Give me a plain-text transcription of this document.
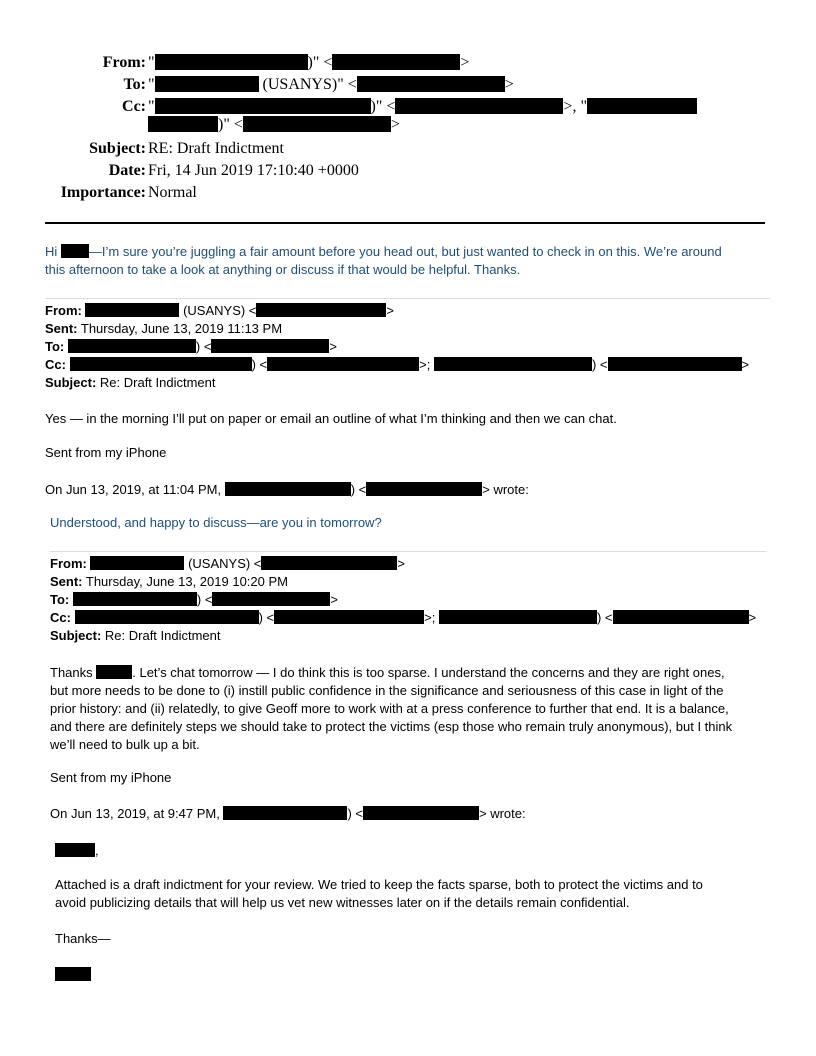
From: "	)" <	>
To: "	(USANYS)" <	>
Cc: "	)" <	>, "
)" <	>
Subject: RE: Draft Indictment
Date: Fri, 14 Jun 2019 17:10:40 +0000
Importance: Normal
Hi —I’m sure you’re juggling a fair amount before you head out, but just wanted to check in on this. We’re around
this afternoon to take a look at anything or discuss if that would be helpful. Thanks.
From:	(USANYS) <	>
Sent: Thursday, June 13, 2019 11:13 PM
To:	) <	>
Cc:	) <	>;	) <	>
Subject: Re: Draft Indictment
Yes — in the morning I’ll put on paper or email an outline of what I’m thinking and then we can chat.
Sent from my iPhone
On Jun 13, 2019, at 11:04 PM,	) <	> wrote:
Understood, and happy to discuss—are you in tomorrow?
From:	(USANYS) <	>
Sent: Thursday, June 13, 2019 10:20 PM
To:	) <	>
Cc:	) <	>;	) <	>
Subject: Re: Draft Indictment
Thanks	. Let’s chat tomorrow — I do think this is too sparse. I understand the concerns and they are right ones,
but more needs to be done to (i) instill public confidence in the significance and seriousness of this case in light of the
prior history: and (ii) relatedly, to give Geoff more to work with at a press conference to further that end. It is a balance,
and there are definitely steps we should take to protect the victims (esp those who remain truly anonymous), but I think
we’ll need to bulk up a bit.
Sent from my iPhone
On Jun 13, 2019, at 9:47 PM,	) <	> wrote:
,
Attached is a draft indictment for your review. We tried to keep the facts sparse, both to protect the victims and to
avoid publicizing details that will help us vet new witnesses later on if the details remain confidential.
Thanks—
